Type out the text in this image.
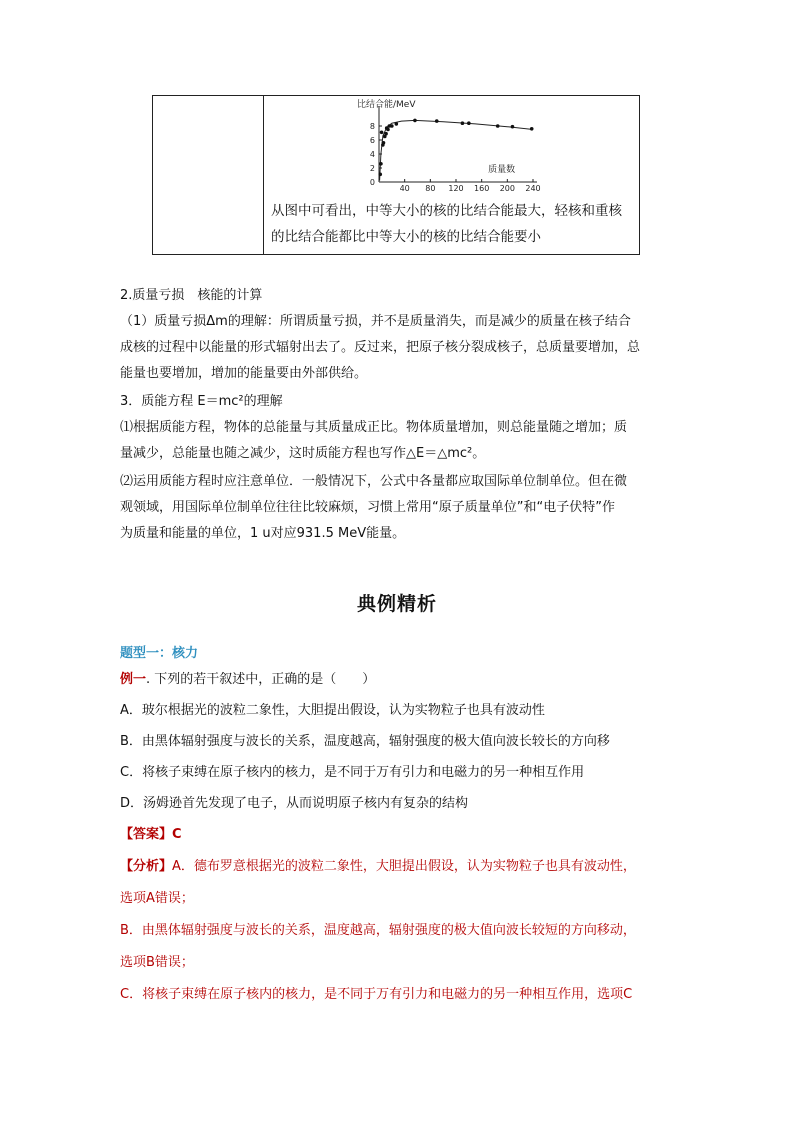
比结合能/MeV
质量数
40 80 120 160 200 240
0
2
4
6
8
从图中可看出，中等大小的核的比结合能最大，轻核和重核
的比结合能都比中等大小的核的比结合能要小
2.质量亏损　核能的计算
（1）质量亏损Δm的理解：所谓质量亏损，并不是质量消失，而是减少的质量在核子结合
成核的过程中以能量的形式辐射出去了。反过来，把原子核分裂成核子，总质量要增加，总
能量也要增加，增加的能量要由外部供给。
3．质能方程 E＝mc²的理解
⑴根据质能方程，物体的总能量与其质量成正比。物体质量增加，则总能量随之增加；质
量减少，总能量也随之减少，这时质能方程也写作△E＝△mc²。
⑵运用质能方程时应注意单位．一般情况下，公式中各量都应取国际单位制单位。但在微
观领域，用国际单位制单位往往比较麻烦，习惯上常用“原子质量单位”和“电子伏特”作
为质量和能量的单位，1 u对应931.5 MeV能量。
典例精析
题型一：核力
例一. 下列的若干叙述中，正确的是（　　）
A．玻尔根据光的波粒二象性，大胆提出假设，认为实物粒子也具有波动性
B．由黑体辐射强度与波长的关系，温度越高，辐射强度的极大值向波长较长的方向移
C．将核子束缚在原子核内的核力，是不同于万有引力和电磁力的另一种相互作用
D．汤姆逊首先发现了电子，从而说明原子核内有复杂的结构
【答案】C
【分析】A．德布罗意根据光的波粒二象性，大胆提出假设，认为实物粒子也具有波动性，
选项A错误；
B．由黑体辐射强度与波长的关系，温度越高，辐射强度的极大值向波长较短的方向移动，
选项B错误；
C．将核子束缚在原子核内的核力，是不同于万有引力和电磁力的另一种相互作用，选项C
